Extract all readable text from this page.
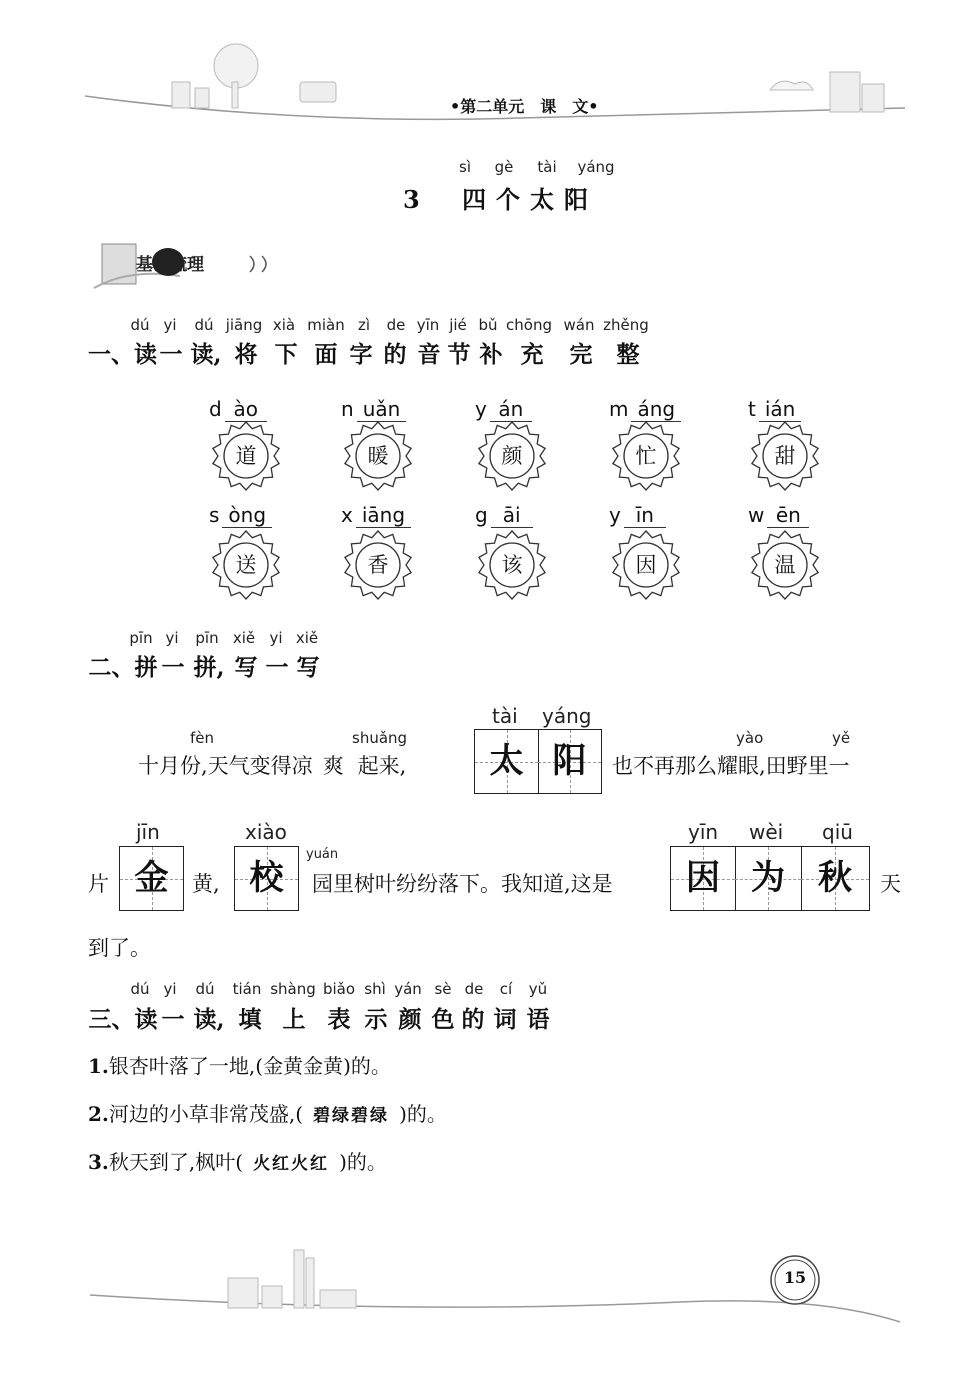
•第二单元　课　文•
sì gè tài yáng
3 四个太阳
基础梳理
dú yi dú jiāng xià miàn zì de yīn jié bǔ chōng wán zhěng
一、读 一 读, 将 下 面 字 的 音 节 补 充 完 整
d ào
道
n uǎn
暖
y án
颜
m áng
忙
t ián
甜
s òng
送
x iāng
香
g āi
该
y īn
因
w ēn
温
pīn yi pīn xiě yi xiě
二、拼 一 拼, 写 一 写
fèn	shuǎng
十月份,天气变得凉 爽 起来,
tài yáng
太 阳
yào	yě
也不再那么耀眼,田野里一
片
jīn
金	黄,
xiào
校
yuán
园里树叶纷纷落下。我知道,这是
yīn wèi qiū
因 为 秋	天
到了。
dú yi dú tián shàng biǎo shì yán sè de cí yǔ
三、读 一 读, 填 上 表 示 颜 色 的 词 语
1.银杏叶落了一地,(金黄金黄)的。
2.河边的小草非常茂盛,( 碧绿碧绿 )的。
3.秋天到了,枫叶( 火红火红 )的。
15
